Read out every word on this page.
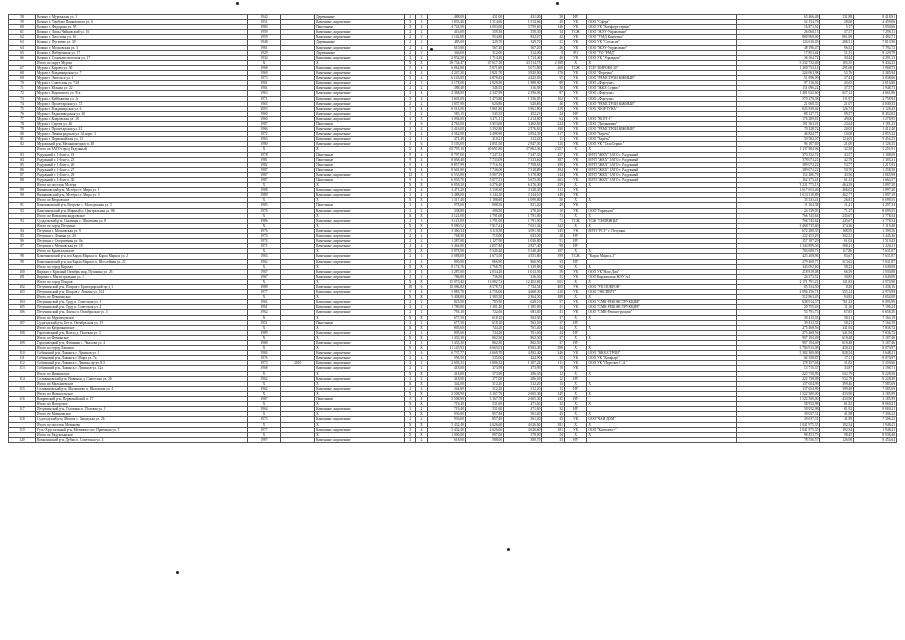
58	Козино г. Муромская ул. 1	1942		Деревянные	2	3	488,00	431,00	431,00	39	НУ		65 466,48	131,88	8 418,81
59	Козино г. Тамбова Панковского ул. 6	1951		Каменные, кирпичные	3	3	1 833,46	1 514,66	1 514,66	20	УК	ООО "Сфера"	52 154,78	28,60	4 459,06
60	Козино г. Федорова ул. 95	1984		Панельные	5	4	4 724,50	4 003,60	3 759,60	146	УК	ООО УК "Комфорт-сервис"	16 871,54	5,17	1 050,66
61	Козино г. Липы Чайковский ул. 16	1959		Каменные, кирпичные	2	2	416,00	359,30	359,30	14	ТСЖ	ООО "ЖЭУ-Управление"	26 060,15	37,57	7 299,11
62	Козино г. Хвостова ул. 16	1959		Каменные, кирпичные	2	2	1 142,80	954,80	852,47	42	УК	ООО "УМД Комплекс"	880 960,00	861,99	4 492,71
63	Козино г. Пугачева ул. 30	1948		Деревянные	2	2	485,00	329,70	329,70	21	УК	ООО УК "Согласие"	124 616,03	286,51	7 813,90
64	Козино г. Московская ул. 3	1961		Каменные, кирпичные	2	2	610,80	567,20	567,20	26	УК	ООО "ЖЭУ-Управление"	48 196,47	96,52	7 792,72
65	Козино г. Набережная ул. 17	1929		Деревянные	2	2	346,00	312,00	312,00	8	РО	ООО "УО "РМД"	17 853,44	51,31	8 129,79
66	Козино г. Социалистическая ул. 17	1934		Каменные, кирпичные	2	2	2 032,20	1 714,40	1 714,40	46	УК	ООО УК "Управдом"	36 164,72	30,44	4 291,13
	Итого по округ Муром	X		X	X	X	50 734,47	47 617,18	43 114,75	2 188	X	X	5 332 732,49	105,55	9 434,23
67	Муром г. Кирова ул. 30	1968		Каменные, кирпичные	5	4	6 064,80	5 071,80	5 071,80	268	ТСЖ	ТСН "КИРОВА 30"	1 300 733,14	291,68	1 968,73
68	Муром г. Владимирская ул. 7	1960		Каменные, кирпичные	4	4	4 247,20	3 821,70	3 820,00	176	УК	ООО "Фортуна"	324 063,98	52,76	2 385,94
69	Муром г. Энгельса ул. 1	1973		Каменные, кирпичные	5	4	6 143,00	4 878,43	4 423,03	55	УК	ООО "РЕМСТРОЙ ЮЖНЫЙ"	51 696,09	37,44	3 038,66
70	Муром г. Советская ул. 73А	1961		Каменные, кирпичные	4	3	2 178,00	2 029,30	1 988,90	89	УК	ООО «Фортуна»	97 116,02	45,65	3 016,86
71	Муром г. Южная ул. 22	1961		Каменные, кирпичные	2	2	388,40	346,55	316,98	30	УК	ООО "ЖКХ Сервис"	131 096,22	37,57	1 948,73
72	Муром г. Воровского ул. 91а	1963		Каменные, кирпичные	3	4	2 368,00	2 347,99	2 196,96	87	УК	ООО «Фортуна»	1 481 022,60	657,12	4 661,86
73	Муром г. Куйбышева ул. 1г	1971		Каменные, кирпичные	5	4	1 601,00	1 473,80	1 356,05	102	УК	ООО «Фортуна»	570 270,38	111,97	2 758,94
74	Муром г. Пролетарская ул. 73	1963		Каменные, кирпичные	2	2	1 037,90	620,86	620,86	40	УК	ООО "РЕМСТРОЙ ЮЖНЫЙ"	21 060,35	21,07	4 849,33
75	Муром г. Владимирская ул. 6	2003		Каменные, кирпичные	5	4	6 514,00	5 861,80	5 861,80	239	УК	ООО "ФОРТУНА"	825 938,04	126,74	1 128,45
76	Муром г. Радиозаводская ул. 20	1960		Каменные, кирпичные	2	2	583,15	545,35	452,23	24	НУ		88 127,71	99,57	8 452,82
77	Муром г. Ковровская ул. 18	1960		Каменные, кирпичные	3	3	3 094,00	3 271,11	1 214,80	64	УК	ООО "ВСРТ-1"	176 289,81	49,06	1 278,95
78	Муром г. Серова ул. 46	1987		Панельные	5	6	4 763,00	3 953,60	3 462,69	224	УК	ООО "Дилинхавм"	191 363,01	23,64	1 181,23
79	Муром г. Пролетарская ул. 41	1966		Каменные, кирпичные	3	2	3 416,00	3 392,80	2 576,63	190	УК	ООО "РЕМСТРОЙ ЮЖНЫЙ"	70 228,74	20,05	1 412,40
80	Муром г. Ленинградская ул. 34 корп. 3	1972		Каменные, кирпичные	5	2	4 562,80	4 498,90	3 854,39	217	УК	ООО "Берёза"	46 824,77	10,08	2 855,22
81	Муром г. Первомайская ул. 13	1963		Каменные, кирпичные	2	1	471,49	410,21	312,28	11	УК	ООО "Берёза"	50 582,07	124,05	9 454,23
82	Муромский р-н, Механизаторов п. 48	1980		Каменные, кирпичные	5	6	5 103,00	2 851,50	2 847,05	125	УК	ООО УК "ТалоСервис"	96 187,69	21,00	1 126,35
	Итого по ЗАТО город Радужный	X		X	X	X	65 795,10	40 691,80	37 862,36	2 357	X	X	1 137 984,04	32,58	1 251,91
83	Радужный г. 1-й кв-л, 18	1978		Панельные	9	4	8 797,00	7 247,33	7 247,33	257	УК	МУП "ЖКХ" ЗАТО г. Радужный	370 332,74	43,57	1 188,09
84	Радужный г. 1-й кв-л, 23	1981		Панельные	9	4	8 838,40	7 733,09	7 333,60	387	УК	МУП "ЖКХ" ЗАТО г. Радужный	378 073,21	42,78	1 303,31
85	Радужный г. 1-й кв-л, 26	1982		Панельные	9	4	8 857,99	7 716,10	7 708,63	299	УК	МУП "ЖКХ" ЗАТО г. Радужный	389 072,22	53,77	1 215,93
86	Радужный г. 1-й кв-л, 27	1987		Панельные	9	4	8 601,80	7 736,00	7 318,89	494	УК	МУП "ЖКХ" ЗАТО г. Радужный	389 072,22	50,70	1 258,50
87	Радужный г. 1-й кв-л, 29	1987		Каменные, кирпичные	12	3	6 533,80	5 907,59	5 178,80	144	УК	МУП "ЖКХ" ЗАТО г. Радужный	152 286,76	43,56	1 065,98
88	Радужный г. 1-й кв-л, 30	1987		Панельные	9	3	6 935,70	5 877,53	5 675,00	263	УК	МУП "ЖКХ" ЗАТО г. Радужный	162 373,41	61,13	1 664,57
	Итого по поселок Мстёра	X		X	X	X	6 958,20	6 276,40	6 276,40	259	X	X	3 231 773,13	464,39	1 897,20
89	Вязниковский р-н, Мстёра ст. Мира ул. 1	1988		Каменные, кирпичные	5	4	3 471,20	3 138,30	3 138,30	111	УК		1 617 653,46	466,02	1 897,20
90	Вязниковский р-н, Мстёра ст. Мира ул. 3	1989		Каменные, кирпичные	5	4	3 488,00	3 144,10	3 144,10	148	УК		1 614 119,89	462,77	1 897,19
	Итого по Второвское	X		X	X	X	1 317,40	1 188,80	1 099,80	50	X	X	35 333,41	26,81	8 099,55
91	Камешковский р-н, Второво с. Молодежная ул. 5	1983		Панельные	3	2	978,60	888,30	821,40	40	УК		11 164,38	11,41	4 297,54
92	Камешковский р-н, Мирный п. Центральная ул. 86	1976		Каменные, кирпичные	2	2	338,80	300,50	278,40	10	УК	ООО"Управдом"	24 139,03	71,27	8 099,55
	Итого по Новоалександровское	X		X	X	X	3 121,00	1 791,00	1 791,00	71	X	X	766 743,64	245,67	3 778,54
93	Суздальский р-н, Сновицы с. Школьная ул. 8	1986		Каменные, кирпичные	2	3	3 121,00	1 791,00	1 791,00	71	ТСЖ	ТСЖ "СНОВИЦЫ"	766 743,64	245,67	3 778,54
	Итого по город Петушки	X		X	X	X	9 080,52	7 817,44	7 631,34	322	X	X	3 468 735,69	374,36	1 119,48
94	Петушки г. Московская ул. 9	1976		Каменные, кирпичные	5	4	3 360,34	3 110,58	3 091,94	145	УК	МУП "РСУ" г. Петушки	672 208,35	188,95	1 399,56
95	Петушки г. Ленина ул. 20	1975		Каменные, кирпичные	2	2	768,50	710,00	653,00	28	НУ		232 453,29	302,51	1 445,46
96	Петушки г. Спортивная ул. 8а	1974		Каменные, кирпичные	2	2	1 287,68	1 127,90	1 026,80	51	НУ		157 187,29	61,03	1 519,43
97	Петушки г. Московская ул. 18	1971		Каменные, кирпичные	4	4	3 464,00	2 857,40	2 857,40	98	НУ		1 344 899,36	388,21	1 220,11
	Итого по Брызгаловское	X		X	X	X	5 978,90	5 540,40	5 540,40	187	X	X	704 608,73	117,86	7 631,87
98	Камешковский р-н, им Карла Маркса п. Карла Маркса ул. 2	1963		Каменные, кирпичные	2	3	5 088,00	4 673,50	4 551,80	199	ТСЖ	"Карла Маркса 2"	425 208,96	83,67	7 631,87
99	Камешковский р-н, им Карла Маркса п. Шоссейная ул. 21	1962		Каменные, кирпичные	2	2	890,90	866,90	866,90	33	НУ		279 400,77	313,62	7 631,87
	Итого по город Киржач	X		X	X	X	8 174,76	2 768,70	1 339,86	92	X	X	343 092,60	58,23	1 649,00
100	Киржач г. Красный Октябрь мкр, Пушкина ул. 26	1967		Каменные, кирпичные	5	4	3 287,00	2 034,20	1 013,56	59	УК	ООО УК"Наш Дом"	218 819,08	66,59	1 930,88
101	Киржач г. Магистральная ул. 1	1967		Каменные, кирпичные	2	2	786,80	736,50	316,30	33	УК	ООО Киржачская ЖЭУ №1	24 273,52	30,85	1 649,00
	Итого по город Покров	X		X	X	X	15 973,42	13 082,72	12 402,84	651	X	X	2 171 791,21	141,83	2 970,98
102	Петушинский р-н, Покров г. Бригадирский пр-д 1	1989		Каменные, кирпичные	10	6	10 086,82	8 578,72	7 724,54	405	УК	ООО "УК ПОКРОВ"	85 534,50	8,28	1 438,16
103	Петушинский р-н, Покров г. Ленина ул. 124	1977		Каменные, кирпичные	5	4	5 885,70	4 756,00	4 668,30	210	УК	ООО "ЭКСПЕРТ"	2 096 256,71	355,14	2 970,98
	Итого по Пекшинское	X		X	X	X	5 408,00	2 385,50	2 364,50	189	X	X	512 863,45	94,83	4 654,08
104	Петушинский р-н, Труд п. Советская ул. 1	1961		Каменные, кирпичные	2	2	825,00	785,90	628,10	57	УК	ООО "СМК-РЕКОНСТРУКЦИЯ"	638 014,37	761,23	8 095,99
105	Петушинский р-н, Труд п. Советская ул. 2	1961		Каменные, кирпичные	2	2	1 789,00	1 391,40	1 185,00	41	УК	ООО "СМК-РЕКОНСТРУКЦИЯ"	20 755,43	11,16	7 196,24
106	Петушинский р-н, Липна п. Октябрьская ул. 3	1962		Каменные, кирпичные	2	2	793,10	722,60	681,40	41	УК	ООО "СМК-Реконструкция"	53 791,73	67,83	6 658,30
	Итого по Муромцевское	X		X	X	X	677,50	618,10	563,30	37	X	X	39 413,33	58,21	7 164,19
107	Судогодский р-н, Бег п. Октябрьская ул. 15	1951		Панельные	2	2	677,50	618,10	563,30	37	НУ		39 413,33	58,21	7 164,19
	Итого по Купреяновское	X		X	X	X	805,60	744,20	701,40	44	X	X	275 468,56	341,94	7 836,72
108	Гороховецкий р-н, Выезд д. Полевая ул. 3	1989		Каменные, кирпичные	2	2	805,60	744,20	701,40	44	НУ		275 468,56	341,94	7 836,72
	Итого по Фоминское	X		X	X	X	1 433,30	862,50	862,50	37	X	X	907 194,49	619,48	5 187,46
109	Гороховецкий р-н, Фоминки с. Чкалова ул. 4	1980		Каменные, кирпичные	2	3	1 433,30	862,50	862,50	37	НУ		907 194,49	619,48	5 187,46
	Итого по город Лакинск	X		X	X	X	11 145,93	8 665,03	8 583,49	398	X	X	5 784 913,08	430,33	8 070,97
110	Собинский р-н, Лакинск г. Лукинов ул. 1	1984		Каменные, кирпичные	5	6	6 737,77	4 669,70	4 492,40	246	УК	ООО "ВЮССТРОЙ"	5 382 300,00	828,54	1 648,21
111	Собинский р-н, Лакинск г. Мира ул. 7а	1976		Каменные, кирпичные	2	2	596,50	535,00	424,90	35	УК	ООО УК "Комфорт"	82 358,87	17,11	8 070,97
112	Собинский р-н, Лакинск г. Ленина пр-кт. 8/3	1973	2010	Каменные, кирпичные	2	2	2 603,33	3 086,33	1 107,24	111	УК	ООО УК "Пересвет С.А."	178 357,44	31,83	5 259,66
113	Собинский р-н, Лакинск г. Лукинов ул. 12а	1968		Каменные, кирпичные	2	2	418,00	373,99	373,99	19	УК		13 715,37	33,87	1 198,71
	Итого по Ивановское	X		X	X	X	418,00	373,99	286,30	12	X	X	222 739,99	532,79	8 228,30
114	Селивановский р-н, Новинки д. Советская ул. 26	1962		Каменные, кирпичные	2	2	418,00	377,00	286,30	12	НУ		222 739,99	532,79	8 228,30
	Итого по Малышевское	X		X	X	X	344,00	312,20	312,20	13	X	X	137 654,99	399,46	7 585,69
115	Селивановский р-н, Малышево п. Школьная ул. 4	1962		Каменные, кирпичные	2	2	344,60	312,20	312,20	13	НУ		137 654,99	399,46	7 585,69
	Итого по Новооольское	X		X	X	X	3 508,90	3 167,70	2 665,30	145	X	X	1 522 500,00	433,90	3 185,99
116	Ковровский р-н, Первомайский п. 17	1987		Панельные	5	4	3 508,90	3 167,70	2 665,30	145	НУ		1 522 500,00	433,90	3 185,99
	Итого по Ногорское	X		X	X	X	719,40	531,60	471,60	32	X	X	58 932,98	81,92	8 069,21
117	Петушинский р-н, Головино п. Полевая ул. 1	1964		Каменные, кирпичные	2	2	719,40	531,60	471,60	32	НУ		58 932,98	81,92	8 069,21
	Итого по Мошковское	X		X	X	X	930,00	857,40	561,40	43	X	X	39 037,31	41,98	7 306,22
118	Судогодский р-н, Мошок с. Заводская ул. 26	1973		Каменные, кирпичные	2	2	930,00	857,40	561,40	43	УК	ООО"ЧАЙ ДОМ"	39 037,31	41,98	7 306,22
	Итого по поселок Мезиново	X		X	X	X	5 432,40	4 626,60	4 626,60	181	X	X	1 041 975,35	192,34	1 948,41
119	Гусь-Хрустальный р-н, Мезиново пгт, Приемная ул. 5	1977		Каменные, кирпичные	5	4	5 432,40	4 626,60	4 626,60	181	УК	ООО "Комплекс+"	1 041 975,35	192,34	1 948,41
	Итого по Радуксынское	X		X	X	X	1 000,00	897,00	578,00	54	X	X	98 453,75	98,45	8 938,48
120	Ковылинский р-н, Дубки п. Советская ул. 4	1987		Каменные, кирпичные	2	2	618,00	588,00	380,70	33	НУ		78 556,57	126,98	8 454,64
